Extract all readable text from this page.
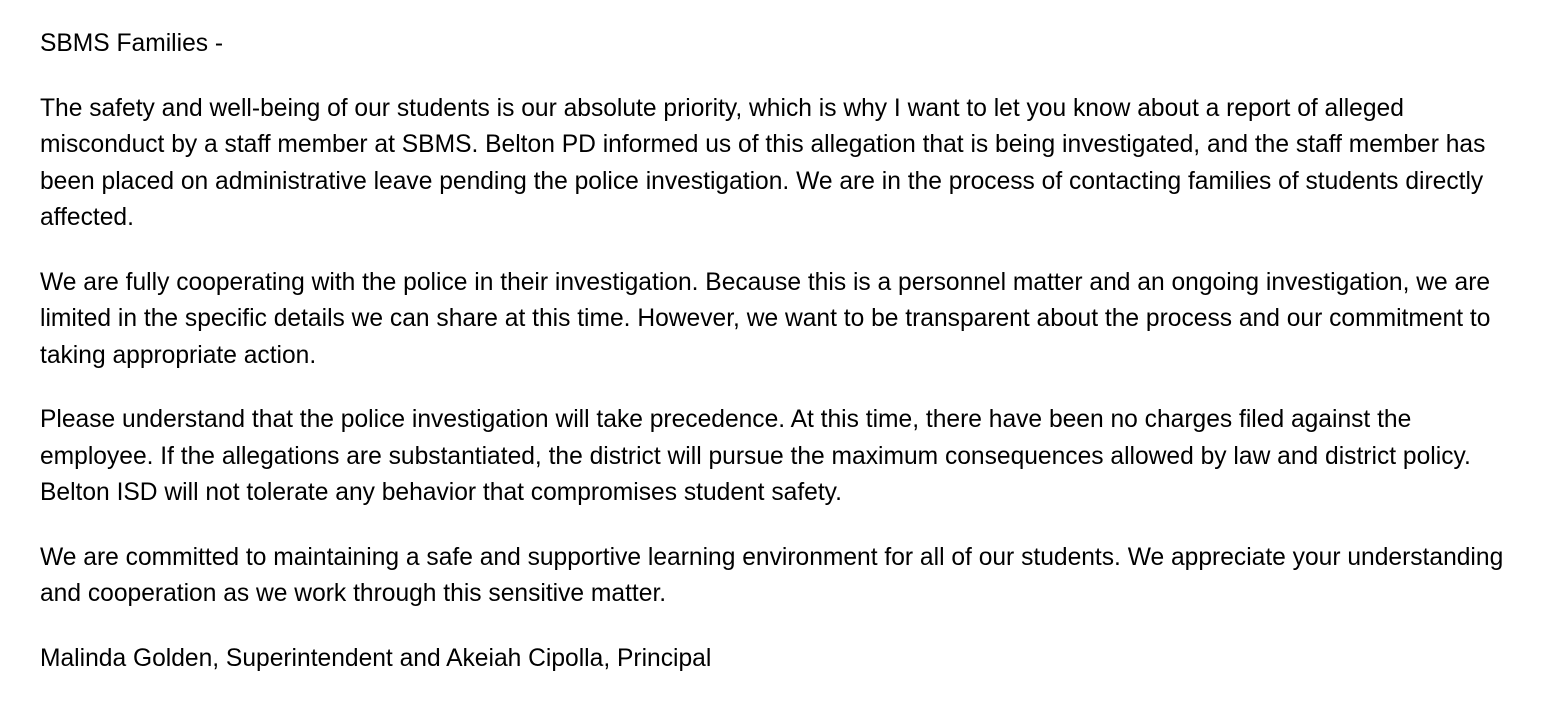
SBMS Families -

The safety and well-being of our students is our absolute priority, which is why I want to let you know about a report of alleged misconduct by a staff member at SBMS. Belton PD informed us of this allegation that is being investigated, and the staff member has been placed on administrative leave pending the police investigation. We are in the process of contacting families of students directly affected.

We are fully cooperating with the police in their investigation. Because this is a personnel matter and an ongoing investigation, we are limited in the specific details we can share at this time. However, we want to be transparent about the process and our commitment to taking appropriate action.

Please understand that the police investigation will take precedence. At this time, there have been no charges filed against the employee. If the allegations are substantiated, the district will pursue the maximum consequences allowed by law and district policy. Belton ISD will not tolerate any behavior that compromises student safety.

We are committed to maintaining a safe and supportive learning environment for all of our students. We appreciate your understanding and cooperation as we work through this sensitive matter.

Malinda Golden, Superintendent and Akeiah Cipolla, Principal
